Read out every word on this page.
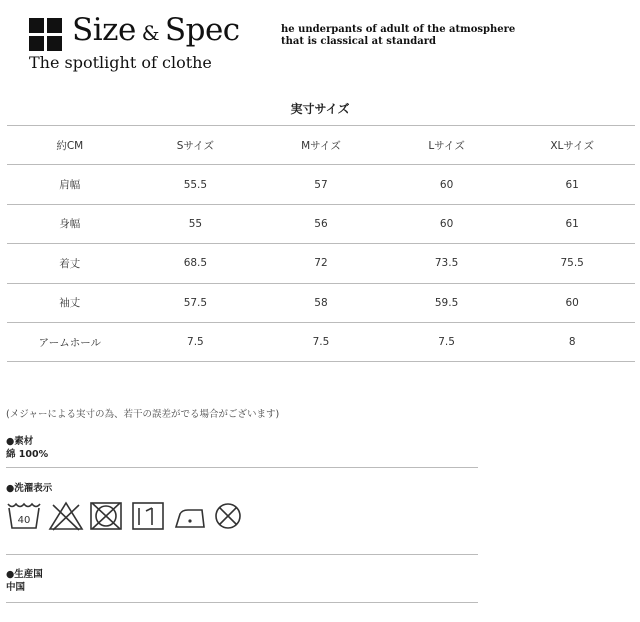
Size & Spec
The spotlight of clothe
he underpants of adult of the atmosphere
that is classical at standard
実寸サイズ
約CM	Sサイズ	Mサイズ	Lサイズ	XLサイズ
肩幅	55.5	57	60	61
身幅	55	56	60	61
着丈	68.5	72	73.5	75.5
袖丈	57.5	58	59.5	60
アームホール	7.5	7.5	7.5	8
(メジャーによる実寸の為、若干の誤差がでる場合がございます)
●素材
綿 100%
●洗濯表示
40
●生産国
中国
